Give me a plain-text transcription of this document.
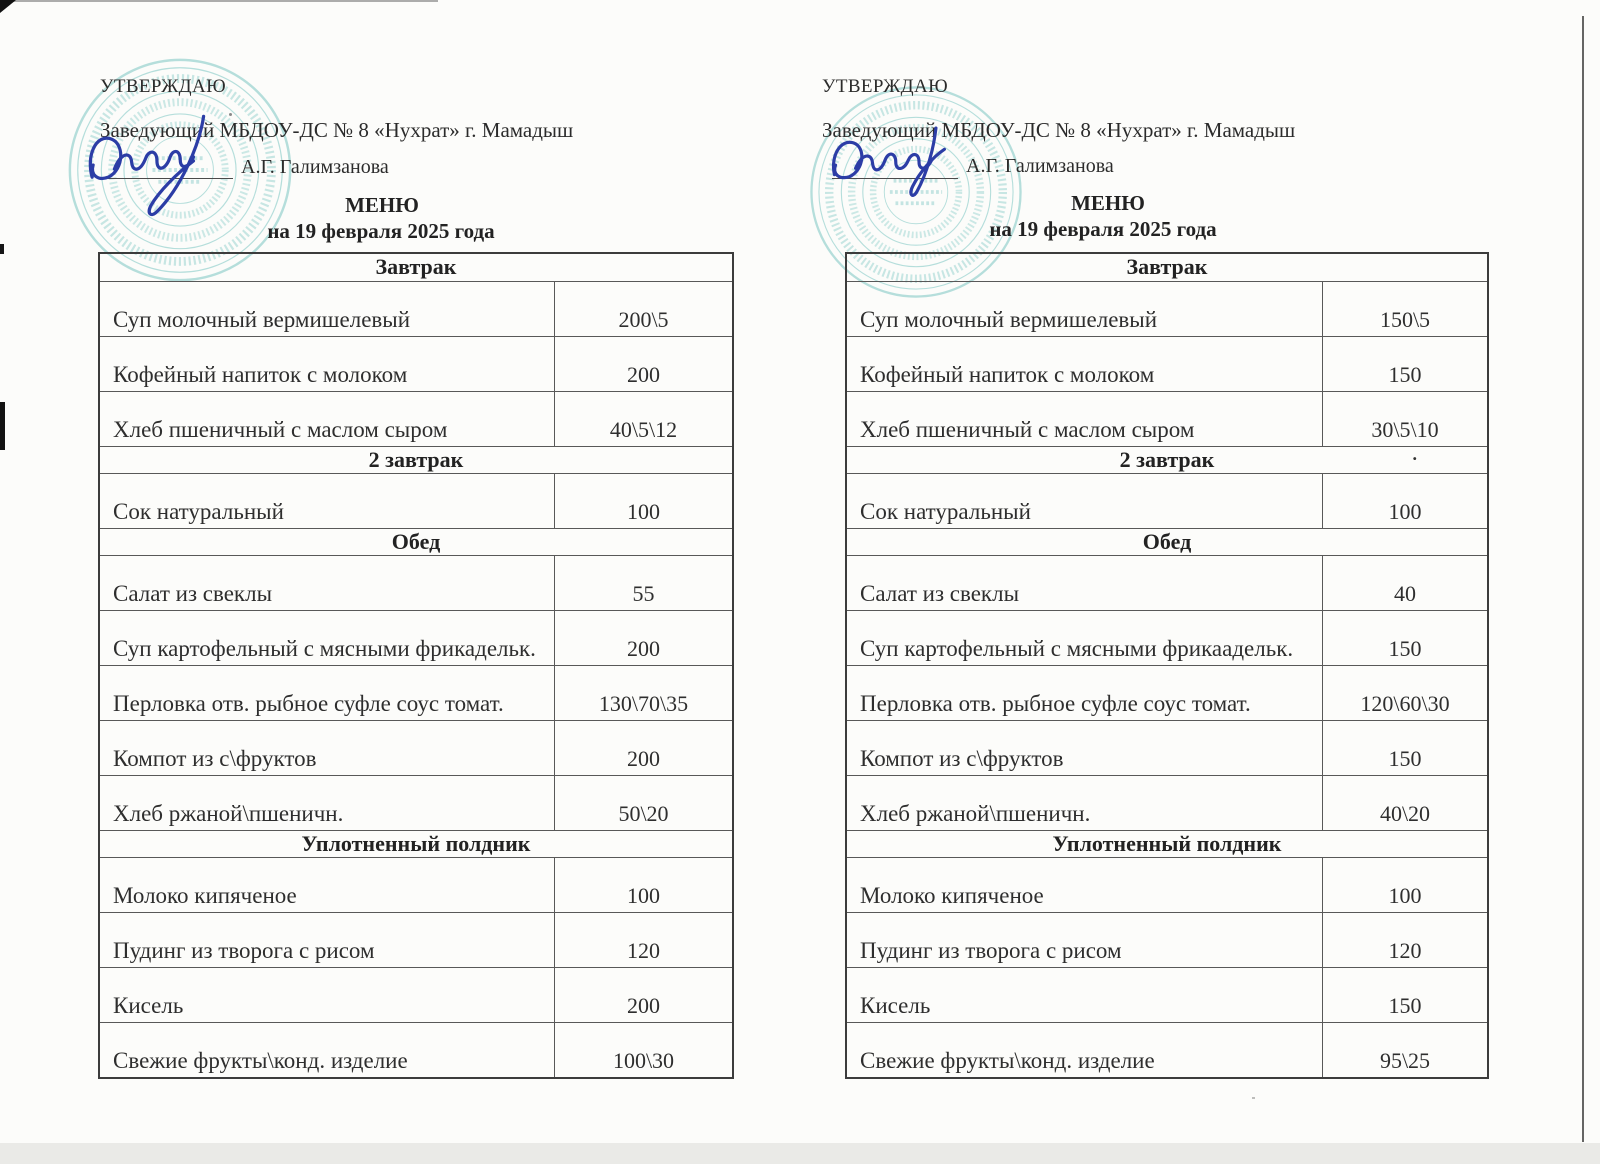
УТВЕРЖДАЮ
Заведующий МБДОУ-ДС № 8 «Нухрат» г. Мамадыш
А.Г. Галимзанова
МЕНЮ
на 19 февраля 2025 года
УТВЕРЖДАЮ
Заведующий МБДОУ-ДС № 8 «Нухрат» г. Мамадыш
А.Г. Галимзанова
МЕНЮ
на 19 февраля 2025 года
Завтрак
Суп молочный вермишелевый	200\5
Кофейный напиток с молоком	200
Хлеб пшеничный с маслом сыром	40\5\12
2 завтрак
Сок натуральный	100
Обед
Салат из свеклы	55
Суп картофельный с мясными фрикадельк.	200
Перловка отв. рыбное суфле соус томат.	130\70\35
Компот из с\фруктов	200
Хлеб ржаной\пшеничн.	50\20
Уплотненный полдник
Молоко кипяченое	100
Пудинг из творога с рисом	120
Кисель	200
Свежие фрукты\конд. изделие	100\30
Завтрак
Суп молочный вермишелевый	150\5
Кофейный напиток с молоком	150
Хлеб пшеничный с маслом сыром	30\5\10
2 завтрак	.
Сок натуральный	100
Обед
Салат из свеклы	40
Суп картофельный с мясными фрикаадельк.	150
Перловка отв. рыбное суфле соус томат.	120\60\30
Компот из с\фруктов	150
Хлеб ржаной\пшеничн.	40\20
Уплотненный полдник
Молоко кипяченое	100
Пудинг из творога с рисом	120
Кисель	150
Свежие фрукты\конд. изделие	95\25
